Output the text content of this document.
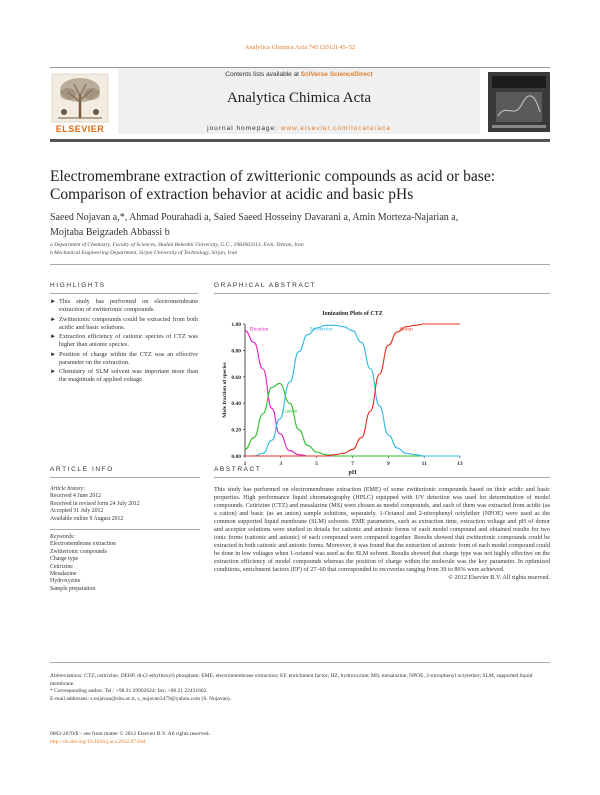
Analytica Chimica Acta 745 (2012) 45–52
ELSEVIER
Contents lists available at SciVerse ScienceDirect
Analytica Chimica Acta
journal homepage: www.elsevier.com/locate/aca
Electromembrane extraction of zwitterionic compounds as acid or base:
Comparison of extraction behavior at acidic and basic pHs
Saeed Nojavan a,*, Ahmad Pourahadi a, Saied Saeed Hosseiny Davarani a, Amin Morteza-Najarian a,
Mojtaba Beigzadeh Abbassi b
a Department of Chemistry, Faculty of Sciences, Shahid Beheshti University, G.C., 1983963113, Evin, Tehran, Iran
b Mechanical Engineering Department, Sirjan University of Technology, Sirjan, Iran
HIGHLIGHTS	GRAPHICAL ABSTRACT
► This study has performed on electromembrane extraction of zwitterionic compounds.
► Zwitterionic compounds could be extracted from both acidic and basic solutions.
► Extraction efficiency of cationic species of CTZ was higher than anionic species.
► Position of charge within the CTZ was an effective parameter on the extraction.
► Chemistry of SLM solvent was important more than the magnitude of applied voltage.
Ionization Plots of CTZ
0.00
0.20
0.40
0.60
0.80
1.00
1	3	5	7	9	11	13
pH
Mole fraction of species
Dication
Cation
Zwitterion	Anion
ARTICLE INFO	ABSTRACT
Article history:
Received 4 June 2012
Received in revised form 24 July 2012
Accepted 31 July 2012
Available online 9 August 2012
Keywords:
Electromembrane extraction
Zwitterionic compounds
Charge type
Cetirizine
Mesalazine
Hydroxyzine
Sample preparation
This study has performed on electromembrane extraction (EME) of some zwitterionic compounds based on their acidic and basic properties. High performance liquid chromatography (HPLC) equipped with UV detection was used for determination of model compounds. Cetirizine (CTZ) and mesalazine (MS) were chosen as model compounds, and each of them was extracted from acidic (as a cation) and basic (as an anion) sample solutions, separately. 1-Octanol and 2-nitrophenyl octylether (NPOE) were used as the common supported liquid membrane (SLM) solvents. EME parameters, such as extraction time, extraction voltage and pH of donor and acceptor solutions were studied in details for cationic and anionic forms of each model compound and obtained results for two ionic forms (cationic and anionic) of each compound were compared together. Results showed that zwitterionic compounds could be extracted in both cationic and anionic forms. Moreover, it was found that the extraction of anionic form of each model compound could be done in low voltages when 1-octanol was used as the SLM solvent. Results showed that charge type was not highly effective on the extraction efficiency of model compounds whereas the position of charge within the molecule was the key parameter. In optimized conditions, enrichment factors (EF) of 27–60 that corresponded to recoveries ranging from 39 to 86% were achieved.
© 2012 Elsevier B.V. All rights reserved.
Abbreviations: CTZ, cetirizine; DEHP, di-(2-ethylhexyl) phosphate; EME, electromembrane extraction; EF, enrichment factor; HZ, hydroxyzine; MS, mesalazine; NPOE, 2-nitrophenyl octylether; SLM, supported liquid membrane.
* Corresponding author. Tel.: +98 21 29902624; fax: +98 21 22431662.
E-mail addresses: s.nojavan@sbu.ac.ir, s_nojavan3479@yahoo.com (S. Nojavan).
0003-2670/$ – see front matter © 2012 Elsevier B.V. All rights reserved.
http://dx.doi.org/10.1016/j.aca.2012.07.044
